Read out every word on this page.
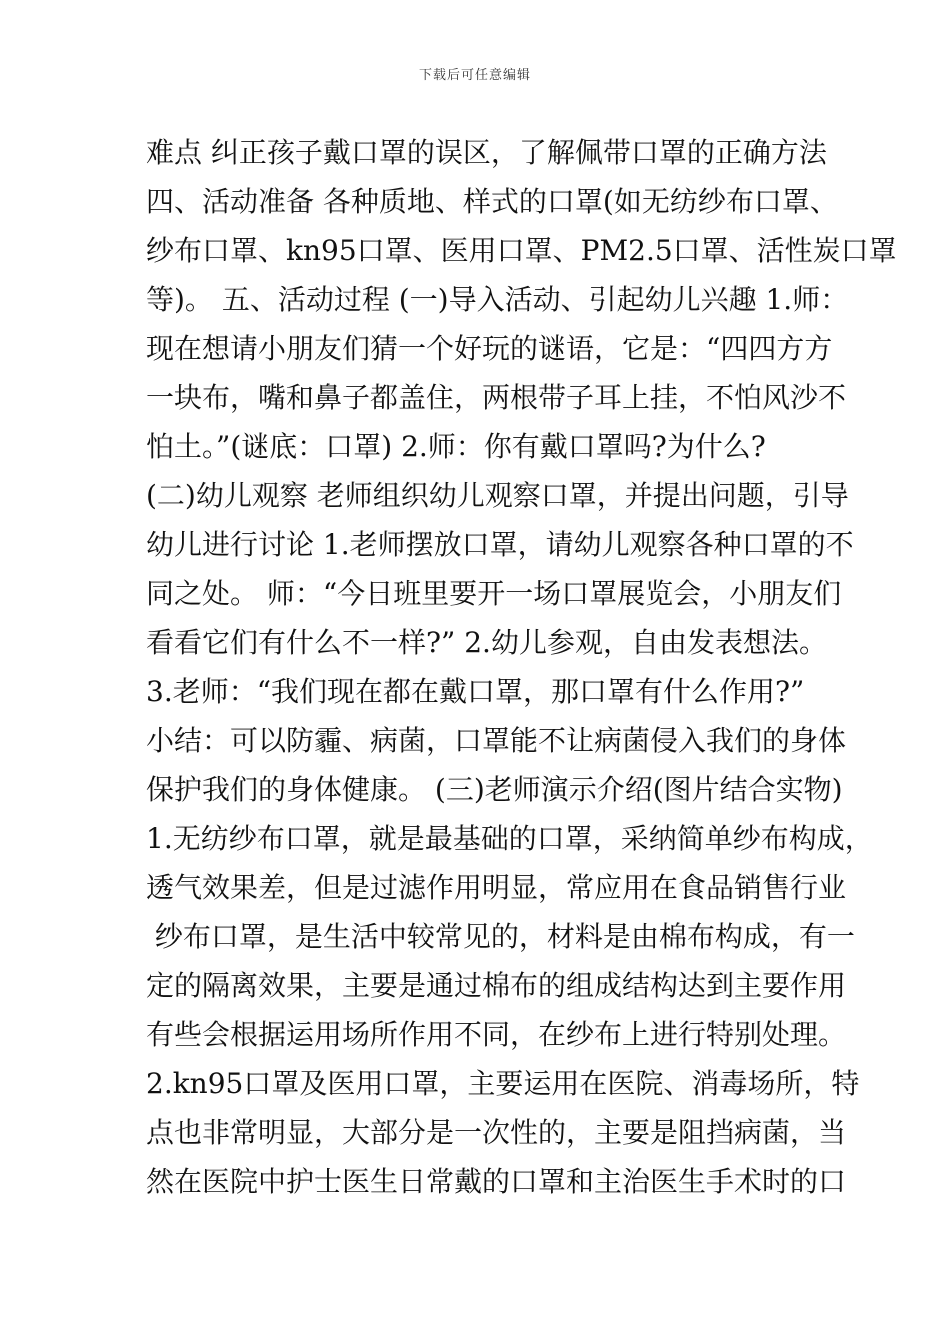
下载后可任意编辑
难点 纠正孩子戴口罩的误区，了解佩带口罩的正确方法
四、活动准备 各种质地、样式的口罩(如无纺纱布口罩、
纱布口罩、kn95口罩、医用口罩、PM2.5口罩、活性炭口罩
等)。 五、活动过程 (一)导入活动、引起幼儿兴趣 1.师：
现在想请小朋友们猜一个好玩的谜语，它是：“四四方方
一块布，嘴和鼻子都盖住，两根带子耳上挂，不怕风沙不
怕土。”(谜底：口罩) 2.师：你有戴口罩吗?为什么?
(二)幼儿观察 老师组织幼儿观察口罩，并提出问题，引导
幼儿进行讨论 1.老师摆放口罩，请幼儿观察各种口罩的不
同之处。 师：“今日班里要开一场口罩展览会，小朋友们
看看它们有什么不一样?” 2.幼儿参观，自由发表想法。
3.老师：“我们现在都在戴口罩，那口罩有什么作用?”
小结：可以防霾、病菌，口罩能不让病菌侵入我们的身体
保护我们的身体健康。 (三)老师演示介绍(图片结合实物)
1.无纺纱布口罩，就是最基础的口罩，采纳简单纱布构成，
透气效果差，但是过滤作用明显，常应用在食品销售行业
纱布口罩，是生活中较常见的，材料是由棉布构成，有一
定的隔离效果，主要是通过棉布的组成结构达到主要作用
有些会根据运用场所作用不同，在纱布上进行特别处理。
2.kn95口罩及医用口罩，主要运用在医院、消毒场所，特
点也非常明显，大部分是一次性的，主要是阻挡病菌，当
然在医院中护士医生日常戴的口罩和主治医生手术时的口
